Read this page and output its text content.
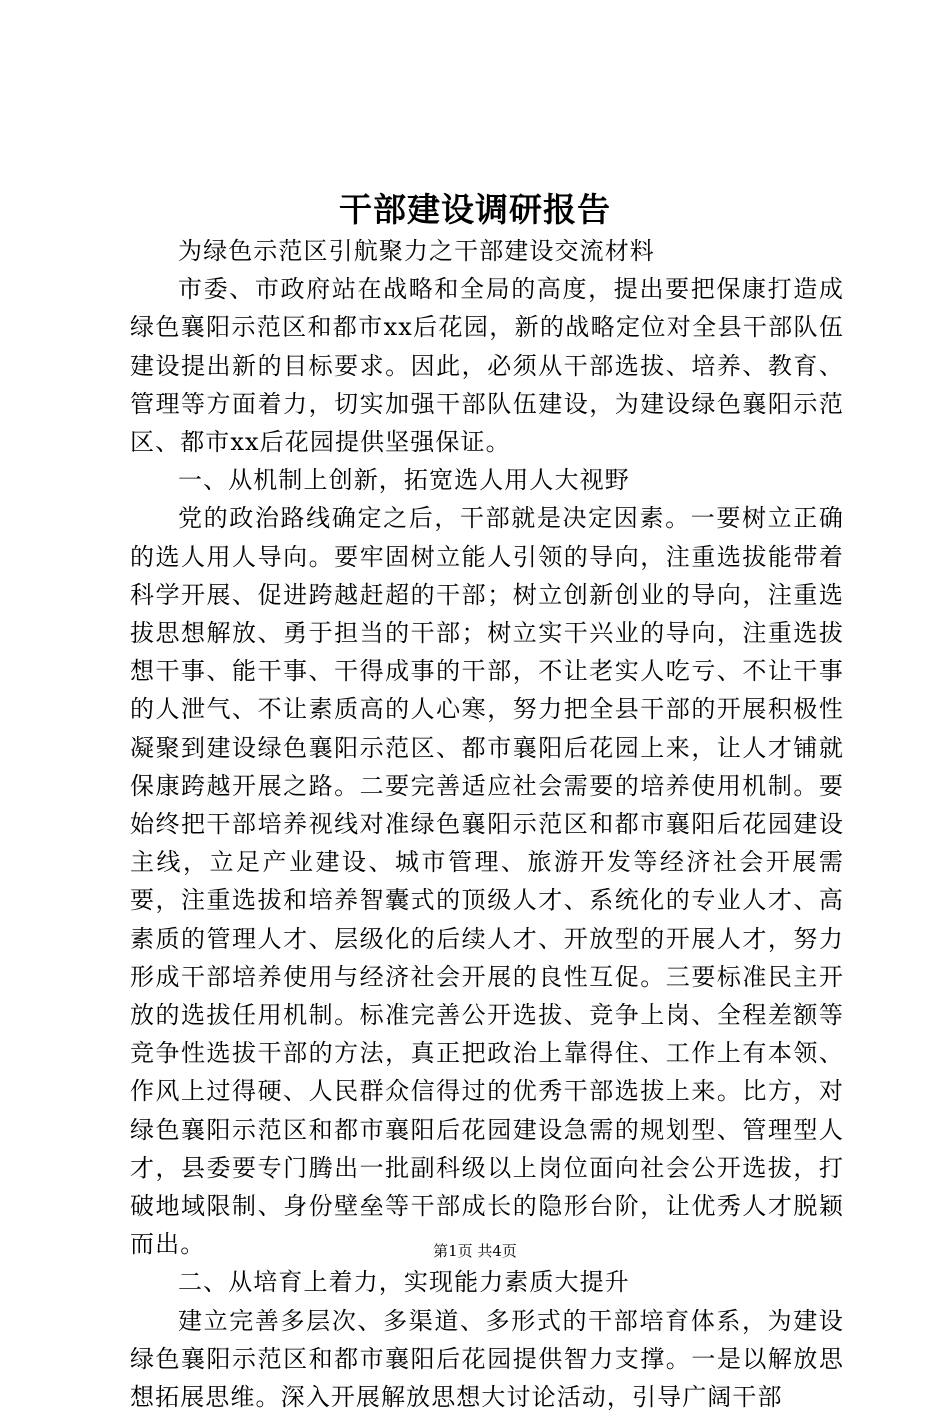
干部建设调研报告

为绿色示范区引航聚力之干部建设交流材料

市委、市政府站在战略和全局的高度，提出要把保康打造成绿色襄阳示范区和都市xx后花园，新的战略定位对全县干部队伍建设提出新的目标要求。因此，必须从干部选拔、培养、教育、管理等方面着力，切实加强干部队伍建设，为建设绿色襄阳示范区、都市xx后花园提供坚强保证。

一、从机制上创新，拓宽选人用人大视野

党的政治路线确定之后，干部就是决定因素。一要树立正确的选人用人导向。要牢固树立能人引领的导向，注重选拔能带着科学开展、促进跨越赶超的干部；树立创新创业的导向，注重选拔思想解放、勇于担当的干部；树立实干兴业的导向，注重选拔想干事、能干事、干得成事的干部，不让老实人吃亏、不让干事的人泄气、不让素质高的人心寒，努力把全县干部的开展积极性凝聚到建设绿色襄阳示范区、都市襄阳后花园上来，让人才铺就保康跨越开展之路。二要完善适应社会需要的培养使用机制。要始终把干部培养视线对准绿色襄阳示范区和都市襄阳后花园建设主线，立足产业建设、城市管理、旅游开发等经济社会开展需要，注重选拔和培养智囊式的顶级人才、系统化的专业人才、高素质的管理人才、层级化的后续人才、开放型的开展人才，努力形成干部培养使用与经济社会开展的良性互促。三要标准民主开放的选拔任用机制。标准完善公开选拔、竞争上岗、全程差额等竞争性选拔干部的方法，真正把政治上靠得住、工作上有本领、作风上过得硬、人民群众信得过的优秀干部选拔上来。比方，对绿色襄阳示范区和都市襄阳后花园建设急需的规划型、管理型人才，县委要专门腾出一批副科级以上岗位面向社会公开选拔，打破地域限制、身份壁垒等干部成长的隐形台阶，让优秀人才脱颖而出。

二、从培育上着力，实现能力素质大提升

建立完善多层次、多渠道、多形式的干部培育体系，为建设绿色襄阳示范区和都市襄阳后花园提供智力支撑。一是以解放思想拓展思维。深入开展解放思想大讨论活动，引导广阔干部

第1页 共4页
